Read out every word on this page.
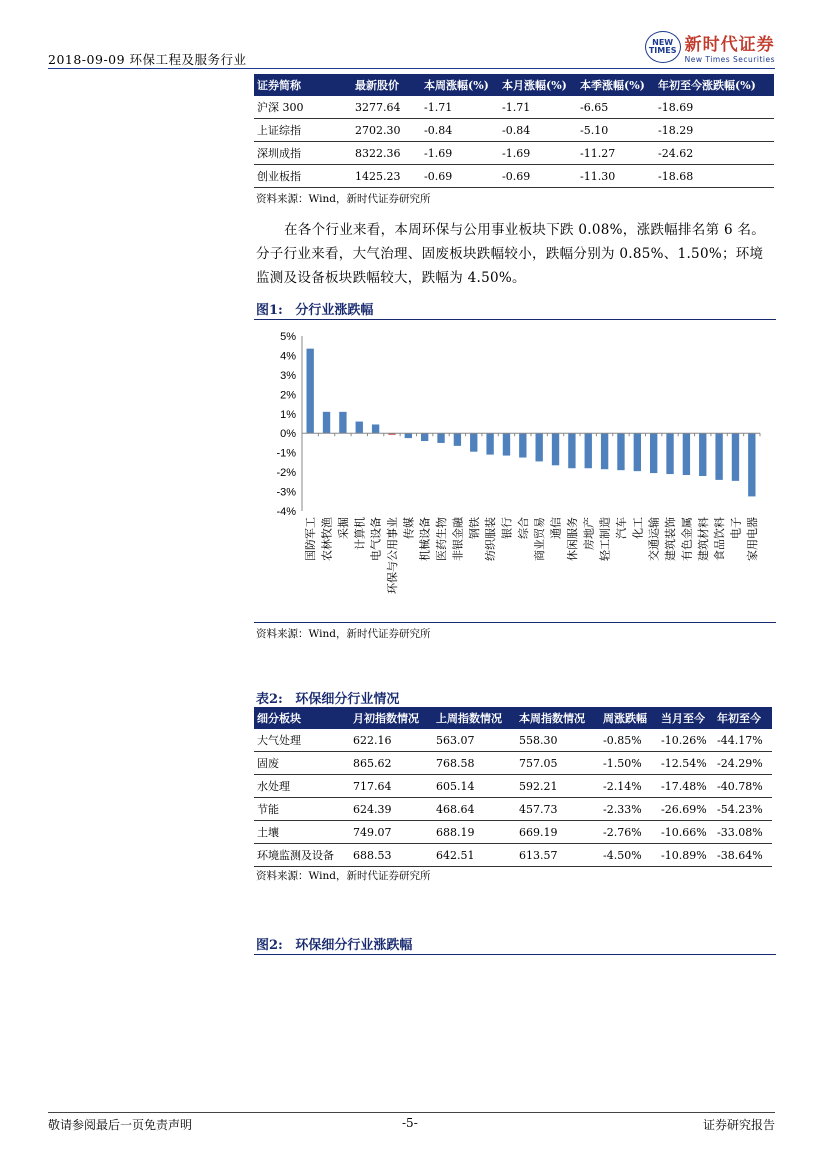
2018-09-09 环保工程及服务行业
NEW TIMES 新时代证券
New Times Securities
证券简称	最新股价	本周涨幅(%)	本月涨幅(%)	本季涨幅(%)	年初至今涨跌幅(%)
沪深 300	3277.64	-1.71	-1.71	-6.65	-18.69
上证综指	2702.30	-0.84	-0.84	-5.10	-18.29
深圳成指	8322.36	-1.69	-1.69	-11.27	-24.62
创业板指	1425.23	-0.69	-0.69	-11.30	-18.68
资料来源：Wind，新时代证券研究所
在各个行业来看，本周环保与公用事业板块下跌 0.08%，涨跌幅排名第 6 名。分子行业来看，大气治理、固废板块跌幅较小，跌幅分别为 0.85%、1.50%；环境监测及设备板块跌幅较大，跌幅为 4.50%。
图1: 分行业涨跌幅
5%
4%
3%
2%
1%
0%
-1%
-2%
-3%
-4%
国防军工 农林牧渔 采掘 计算机 电气设备 环保与公用事业 传媒 机械设备 医药生物 非银金融 钢铁 纺织服装 银行 综合 商业贸易 通信 休闲服务 房地产 轻工制造 汽车 化工 交通运输 建筑装饰 有色金属 建筑材料 食品饮料 电子 家用电器
资料来源：Wind，新时代证券研究所
表2: 环保细分行业情况
细分板块	月初指数情况	上周指数情况	本周指数情况	周涨跌幅	当月至今	年初至今
大气处理	622.16	563.07	558.30	-0.85%	-10.26%	-44.17%
固废	865.62	768.58	757.05	-1.50%	-12.54%	-24.29%
水处理	717.64	605.14	592.21	-2.14%	-17.48%	-40.78%
节能	624.39	468.64	457.73	-2.33%	-26.69%	-54.23%
土壤	749.07	688.19	669.19	-2.76%	-10.66%	-33.08%
环境监测及设备	688.53	642.51	613.57	-4.50%	-10.89%	-38.64%
资料来源：Wind，新时代证券研究所
图2: 环保细分行业涨跌幅
敬请参阅最后一页免责声明	-5-	证券研究报告
